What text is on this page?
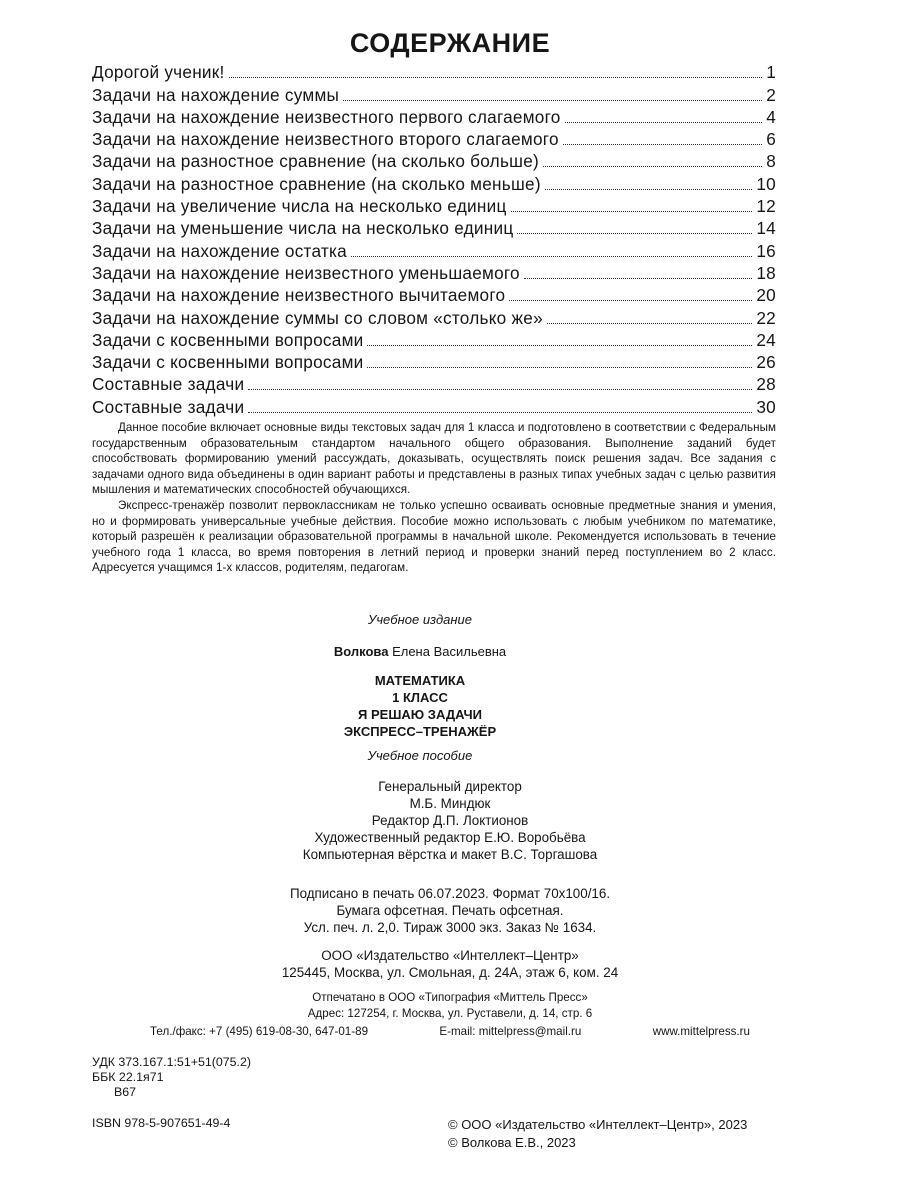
СОДЕРЖАНИЕ
Дорогой ученик!	1
Задачи на нахождение суммы	2
Задачи на нахождение неизвестного первого слагаемого	4
Задачи на нахождение неизвестного второго слагаемого	6
Задачи на разностное сравнение (на сколько больше)	8
Задачи на разностное сравнение (на сколько меньше)	10
Задачи на увеличение числа на несколько единиц	12
Задачи на уменьшение числа на несколько единиц	14
Задачи на нахождение остатка	16
Задачи на нахождение неизвестного уменьшаемого	18
Задачи на нахождение неизвестного вычитаемого	20
Задачи на нахождение суммы со словом «столько же»	22
Задачи с косвенными вопросами	24
Задачи с косвенными вопросами	26
Составные задачи	28
Составные задачи	30

Данное пособие включает основные виды текстовых задач для 1 класса и подготовлено в соответствии с Федеральным государственным образовательным стандартом начального общего образования. Выполнение заданий будет способствовать формированию умений рассуждать, доказывать, осуществлять поиск решения задач. Все задания с задачами одного вида объединены в один вариант работы и представлены в разных типах учебных задач с целью развития мышления и математических способностей обучающихся.

Экспресс-тренажёр позволит первоклассникам не только успешно осваивать основные предметные знания и умения, но и формировать универсальные учебные действия. Пособие можно использовать с любым учебником по математике, который разрешён к реализации образовательной программы в начальной школе. Рекомендуется использовать в течение учебного года 1 класса, во время повторения в летний период и проверки знаний перед поступлением во 2 класс. Адресуется учащимся 1-х классов, родителям, педагогам.

Учебное издание
Волкова Елена Васильевна
МАТЕМАТИКА
1 КЛАСС
Я РЕШАЮ ЗАДАЧИ
ЭКСПРЕСС–ТРЕНАЖЁР
Учебное пособие
Генеральный директор
М.Б. Миндюк
Редактор Д.П. Локтионов
Художественный редактор Е.Ю. Воробьёва
Компьютерная вёрстка и макет В.С. Торгашова
Подписано в печать 06.07.2023. Формат 70х100/16.
Бумага офсетная. Печать офсетная.
Усл. печ. л. 2,0. Тираж 3000 экз. Заказ № 1634.
ООО «Издательство «Интеллект–Центр»
125445, Москва, ул. Смольная, д. 24А, этаж 6, ком. 24
Отпечатано в ООО «Типография «Миттель Пресс»
Адрес: 127254, г. Москва, ул. Руставели, д. 14, стр. 6
Тел./факс: +7 (495) 619-08-30, 647-01-89	E-mail: mittelpress@mail.ru	www.mittelpress.ru
УДК 373.167.1:51+51(075.2)
ББК 22.1я71
В67
ISBN 978-5-907651-49-4	© ООО «Издательство «Интеллект–Центр», 2023
© Волкова Е.В., 2023
